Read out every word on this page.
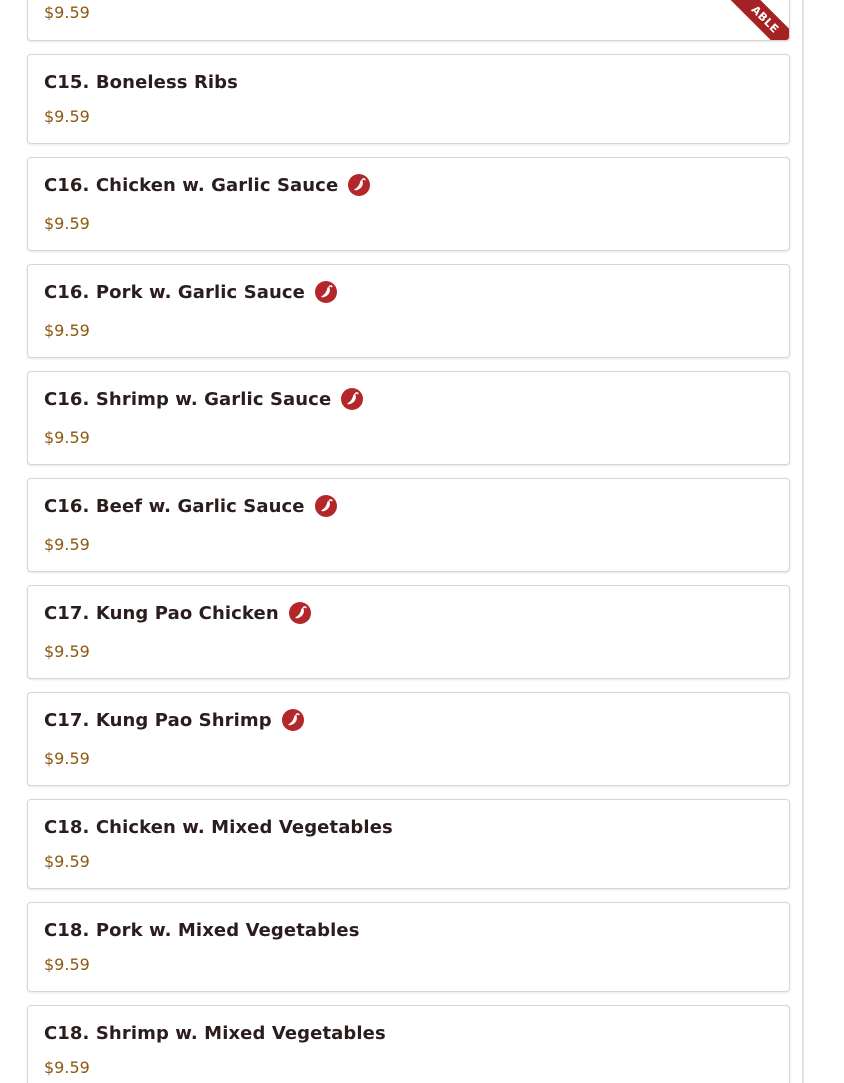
$9.59	ABLE
C15. Boneless Ribs
$9.59
C16. Chicken w. Garlic Sauce
$9.59
C16. Pork w. Garlic Sauce
$9.59
C16. Shrimp w. Garlic Sauce
$9.59
C16. Beef w. Garlic Sauce
$9.59
C17. Kung Pao Chicken
$9.59
C17. Kung Pao Shrimp
$9.59
C18. Chicken w. Mixed Vegetables
$9.59
C18. Pork w. Mixed Vegetables
$9.59
C18. Shrimp w. Mixed Vegetables
$9.59
